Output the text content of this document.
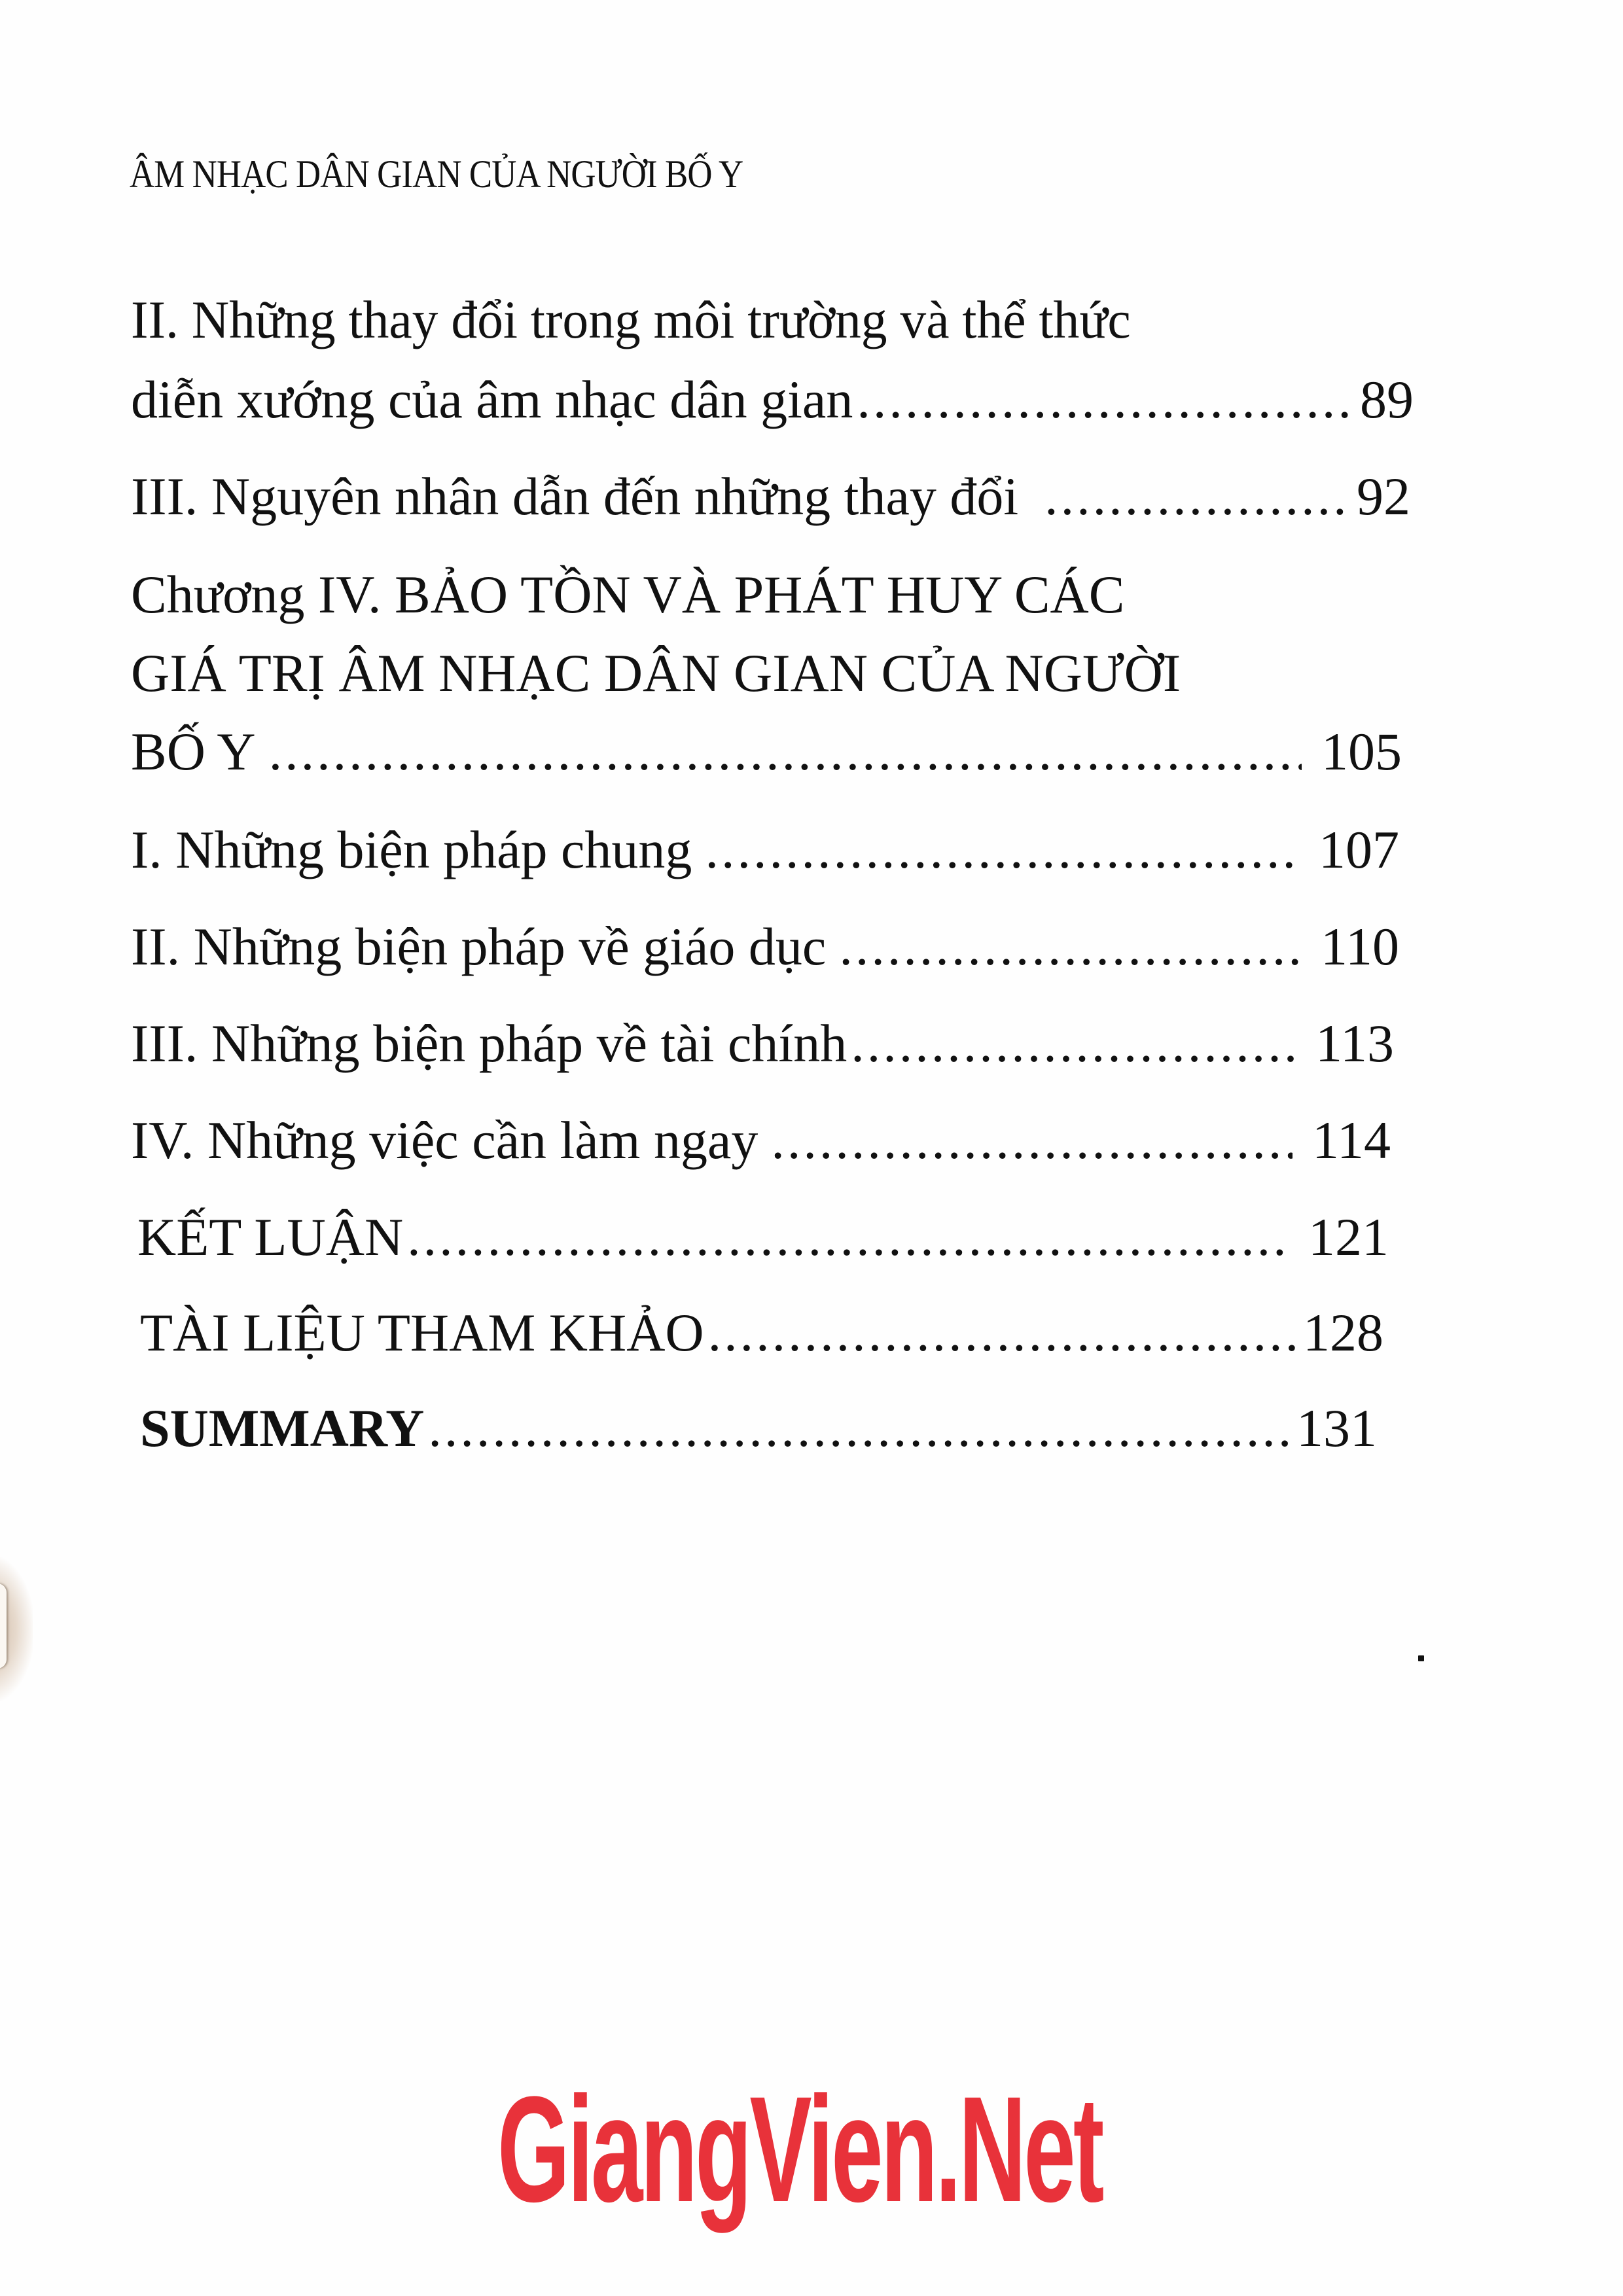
ÂM NHẠC DÂN GIAN CỦA NGƯỜI BỐ Y
II. Những thay đổi trong môi trường và thể thức
diễn xướng của âm nhạc dân gian .....	89
III. Nguyên nhân dẫn đến những thay đổi .....	92
Chương IV. BẢO TỒN VÀ PHÁT HUY CÁC
GIÁ TRỊ ÂM NHẠC DÂN GIAN CỦA NGƯỜI
BỐ Y .....	105
I. Những biện pháp chung .....	107
II. Những biện pháp về giáo dục .....	110
III. Những biện pháp về tài chính .....	113
IV. Những việc cần làm ngay .....	114
KẾT LUẬN .....	121
TÀI LIỆU THAM KHẢO .....	128
SUMMARY .....	131
GiangVien.Net
